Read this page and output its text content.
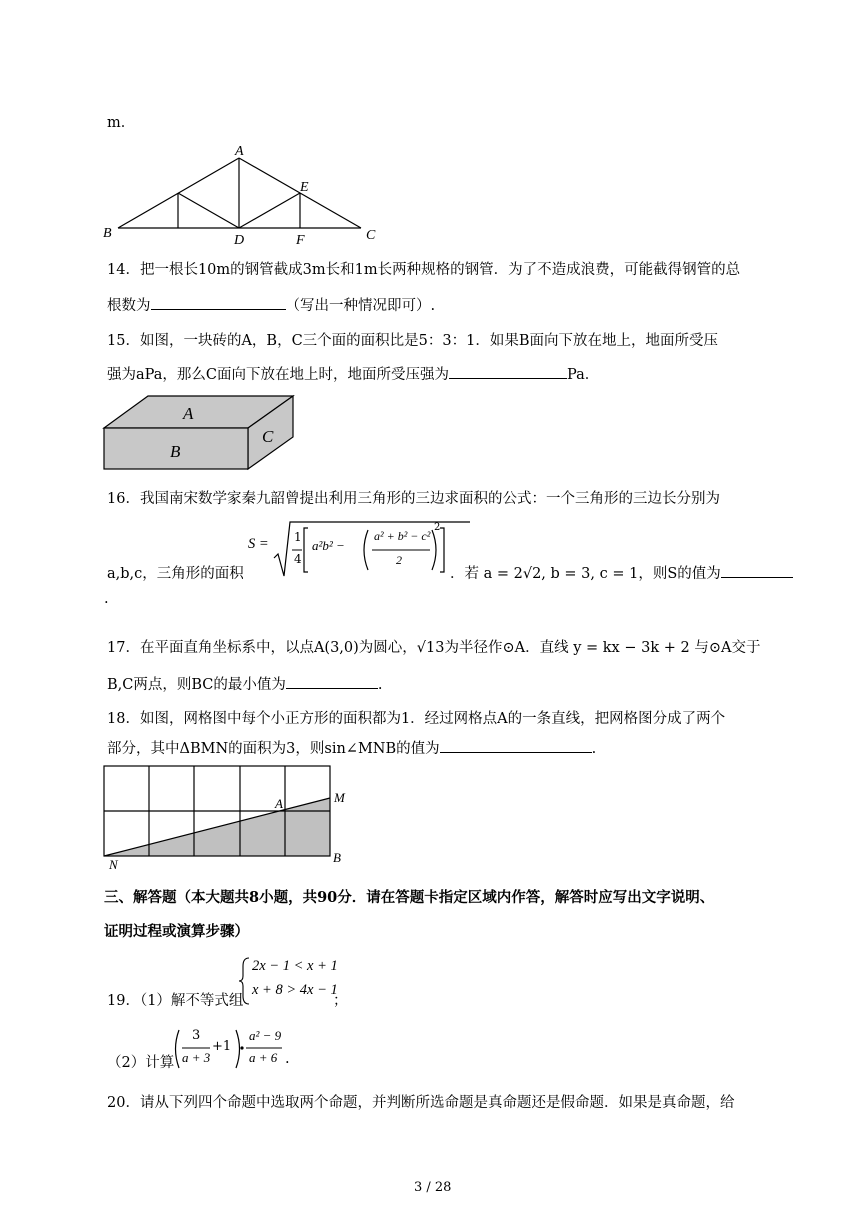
m．
A
B	C
D
E
F
14．把一根长10m的钢管截成3m长和1m长两种规格的钢管．为了不造成浪费，可能截得钢管的总
根数为	（写出一种情况即可）.
15．如图，一块砖的A，B，C三个面的面积比是5：3：1．如果B面向下放在地上，地面所受压
强为aPa，那么C面向下放在地上时，地面所受压强为	Pa．
A
B
C
16．我国南宋数学家秦九韶曾提出利用三角形的三边求面积的公式：一个三角形的三边长分别为
a,b,c，三角形的面积
S = 1
4
a²b² −
a² + b² − c²
2
2
．若 a = 2√2, b = 3, c = 1，则S的值为
.
17．在平面直角坐标系中，以点A(3,0)为圆心，√13为半径作⊙A．直线 y = kx − 3k + 2 与⊙A交于
B,C两点，则BC的最小值为	.
18．如图，网格图中每个小正方形的面积都为1．经过网格点A的一条直线，把网格图分成了两个
部分，其中ΔBMN的面积为3，则sin∠MNB的值为	.
A	M
N	B
三、解答题（本大题共8小题，共90分．请在答题卡指定区域内作答，解答时应写出文字说明、
证明过程或演算步骤）
19．（1）解不等式组
2x − 1 < x + 1
x + 8 > 4x − 1
；
（2）计算
3
a + 3
+1
a² − 9
a + 6 .
20．请从下列四个命题中选取两个命题，并判断所选命题是真命题还是假命题．如果是真命题，给
3 / 28
